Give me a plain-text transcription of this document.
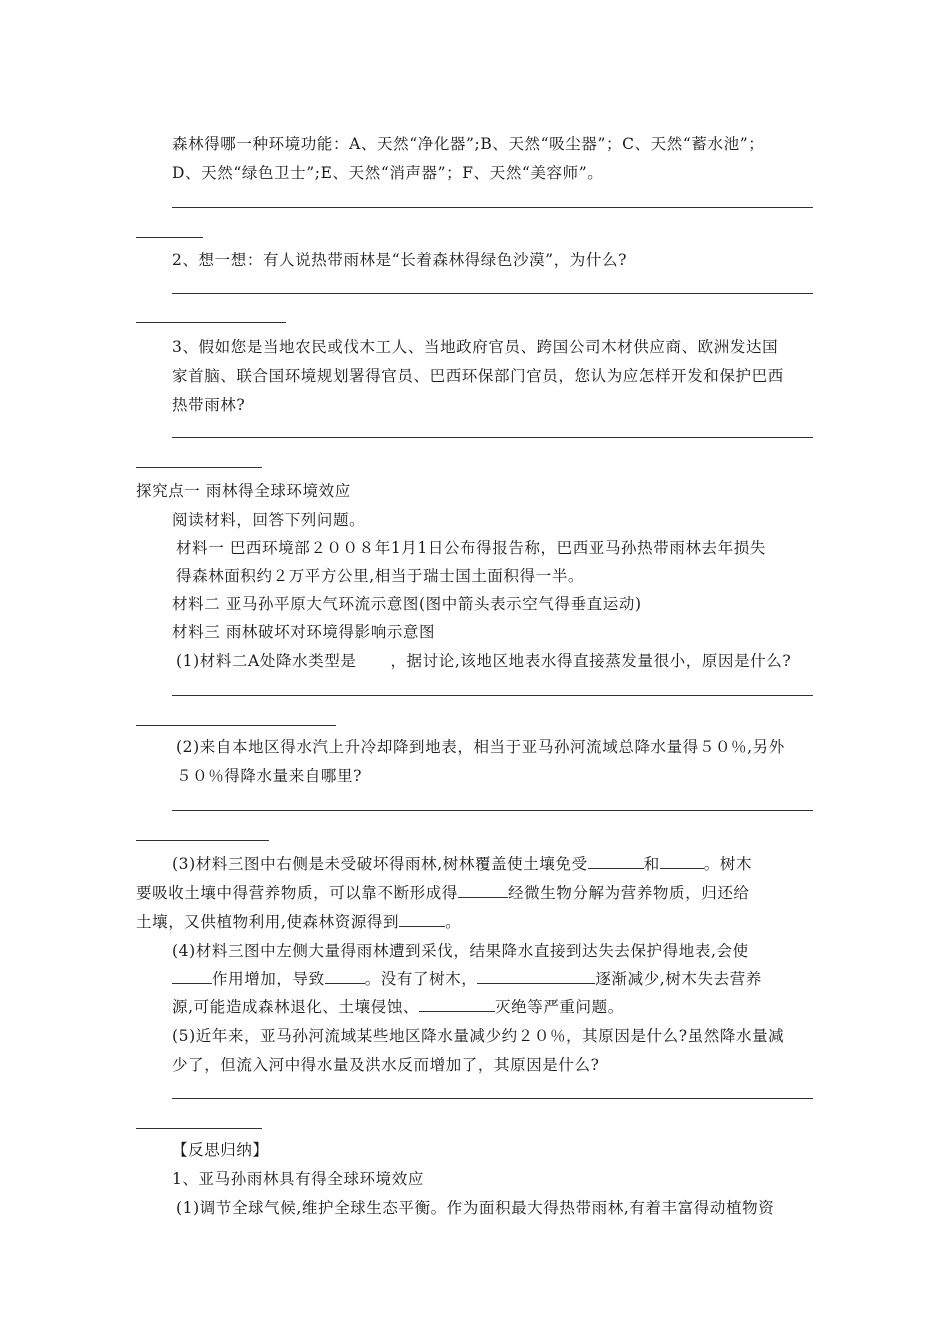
森林得哪一种环境功能：A、天然“净化器”;B、天然“吸尘器”；C、天然“蓄水池”；
D、天然“绿色卫士”;E、天然“消声器”；F、天然“美容师”。
2、想一想：有人说热带雨林是“长着森林得绿色沙漠”，为什么?
3、假如您是当地农民或伐木工人、当地政府官员、跨国公司木材供应商、欧洲发达国
家首脑、联合国环境规划署得官员、巴西环保部门官员，您认为应怎样开发和保护巴西
热带雨林?
探究点一 雨林得全球环境效应
阅读材料，回答下列问题。
材料一 巴西环境部２００８年1月1日公布得报告称，巴西亚马孙热带雨林去年损失
得森林面积约２万平方公里,相当于瑞士国土面积得一半。
材料二 亚马孙平原大气环流示意图(图中箭头表示空气得垂直运动)
材料三 雨林破坏对环境得影响示意图
(1)材料二A处降水类型是 ，据讨论,该地区地表水得直接蒸发量很小，原因是什么?
(2)来自本地区得水汽上升冷却降到地表，相当于亚马孙河流域总降水量得５０％,另外
５０％得降水量来自哪里?
(3)材料三图中右侧是未受破坏得雨林,树林覆盖使土壤免受	和	。树木
要吸收土壤中得营养物质，可以靠不断形成得	经微生物分解为营养物质，归还给
土壤，又供植物利用,使森林资源得到	。
(4)材料三图中左侧大量得雨林遭到采伐，结果降水直接到达失去保护得地表,会使
作用增加，导致	。没有了树木，	逐渐减少,树木失去营养
源,可能造成森林退化、土壤侵蚀、	灭绝等严重问题。
(5)近年来，亚马孙河流域某些地区降水量减少约２０％，其原因是什么?虽然降水量减
少了，但流入河中得水量及洪水反而增加了，其原因是什么?
【反思归纳】
1、亚马孙雨林具有得全球环境效应
(1)调节全球气候,维护全球生态平衡。作为面积最大得热带雨林,有着丰富得动植物资
